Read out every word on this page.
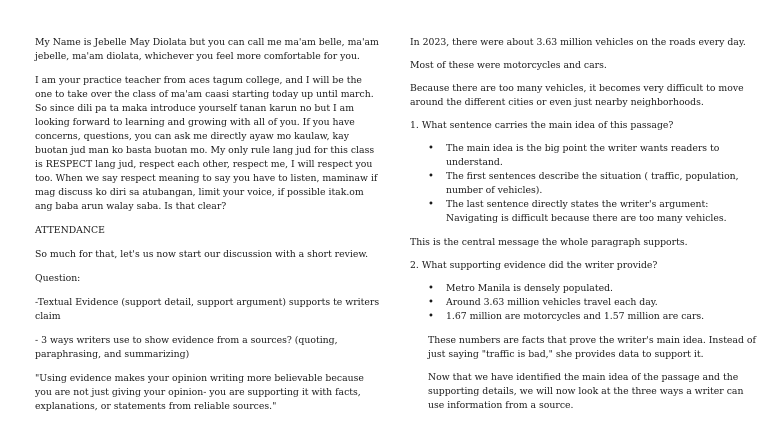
My Name is Jebelle May Diolata but you can call me ma'am belle, ma'am jebelle, ma'am diolata, whichever you feel more comfortable for you.

I am your practice teacher from aces tagum college, and I will be the one to take over the class of ma'am caasi starting today up until march. So since dili pa ta maka introduce yourself tanan karun no but I am looking forward to learning and growing with all of you. If you have concerns, questions, you can ask me directly ayaw mo kaulaw, kay buotan jud man ko basta buotan mo. My only rule lang jud for this class is RESPECT lang jud, respect each other, respect me, I will respect you too. When we say respect meaning to say you have to listen, maminaw if mag discuss ko diri sa atubangan, limit your voice, if possible itak.om ang baba arun walay saba. Is that clear?

ATTENDANCE

So much for that, let's us now start our discussion with a short review.

Question:

-Textual Evidence (support detail, support argument) supports te writers claim

- 3 ways writers use to show evidence from a sources? (quoting, paraphrasing, and summarizing)

"Using evidence makes your opinion writing more believable because you are not just giving your opinion- you are supporting it with facts, explanations, or statements from reliable sources."

In 2023, there were about 3.63 million vehicles on the roads every day.

Most of these were motorcycles and cars.

Because there are too many vehicles, it becomes very difficult to move around the different cities or even just nearby neighborhoods.

1. What sentence carries the main idea of this passage?

• The main idea is the big point the writer wants readers to understand.
• The first sentences describe the situation ( traffic, population, number of vehicles).
• The last sentence directly states the writer's argument: Navigating is difficult because there are too many vehicles.

This is the central message the whole paragraph supports.

2. What supporting evidence did the writer provide?

• Metro Manila is densely populated.
• Around 3.63 million vehicles travel each day.
• 1.67 million are motorcycles and 1.57 million are cars.

These numbers are facts that prove the writer's main idea. Instead of just saying "traffic is bad," she provides data to support it.

Now that we have identified the main idea of the passage and the supporting details, we will now look at the three ways a writer can use information from a source.
